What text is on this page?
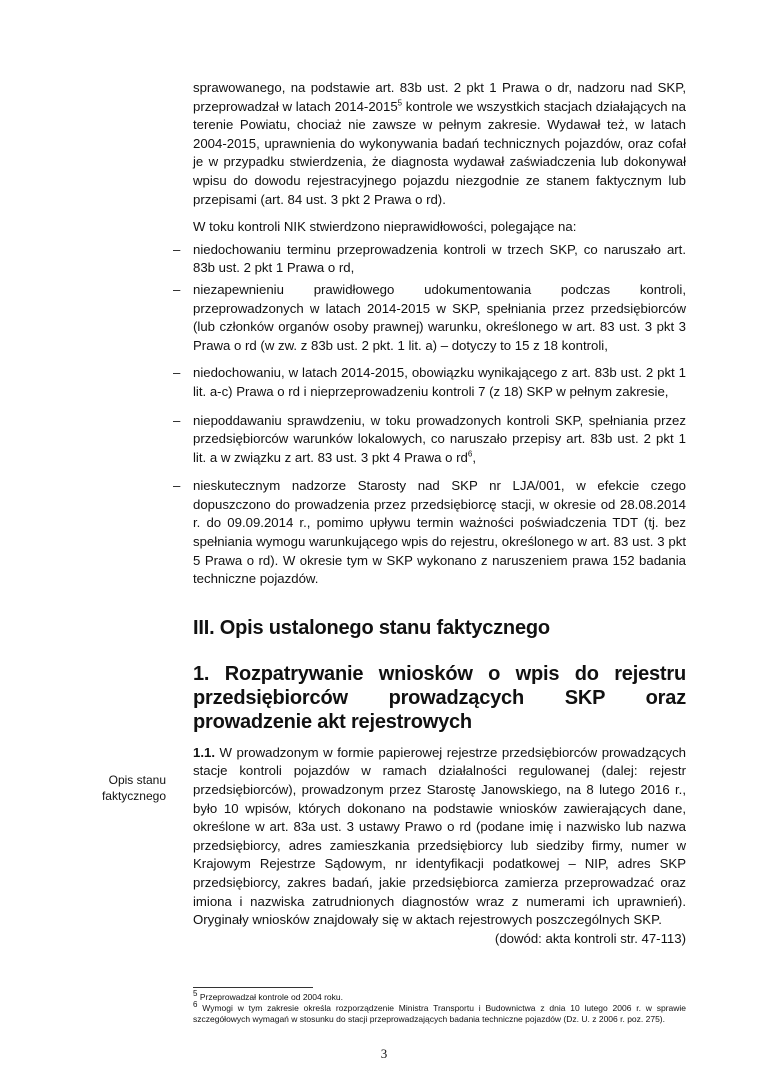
sprawowanego, na podstawie art. 83b ust. 2 pkt 1 Prawa o dr, nadzoru nad SKP, przeprowadzał w latach 2014-2015$^5$ kontrole we wszystkich stacjach działających na terenie Powiatu, chociaż nie zawsze w pełnym zakresie. Wydawał też, w latach 2004-2015, uprawnienia do wykonywania badań technicznych pojazdów, oraz cofał je w przypadku stwierdzenia, że diagnosta wydawał zaświadczenia lub dokonywał wpisu do dowodu rejestracyjnego pojazdu niezgodnie ze stanem faktycznym lub przepisami (art. 84 ust. 3 pkt 2 Prawa o rd).

W toku kontroli NIK stwierdzono nieprawidłowości, polegające na:

– niedochowaniu terminu przeprowadzenia kontroli w trzech SKP, co naruszało art. 83b ust. 2 pkt 1 Prawa o rd,
– niezapewnieniu prawidłowego udokumentowania podczas kontroli, przeprowadzonych w latach 2014-2015 w SKP, spełniania przez przedsiębiorców (lub członków organów osoby prawnej) warunku, określonego w art. 83 ust. 3 pkt 3 Prawa o rd (w zw. z 83b ust. 2 pkt. 1 lit. a) – dotyczy to 15 z 18 kontroli,
– niedochowaniu, w latach 2014-2015, obowiązku wynikającego z art. 83b ust. 2 pkt 1 lit. a-c) Prawa o rd i nieprzeprowadzeniu kontroli 7 (z 18) SKP w pełnym zakresie,
– niepoddawaniu sprawdzeniu, w toku prowadzonych kontroli SKP, spełniania przez przedsiębiorców warunków lokalowych, co naruszało przepisy art. 83b ust. 2 pkt 1 lit. a w związku z art. 83 ust. 3 pkt 4 Prawa o $rd^6$,
– nieskutecznym nadzorze Starosty nad SKP nr LJA/001, w efekcie czego dopuszczono do prowadzenia przez przedsiębiorcę stacji, w okresie od 28.08.2014 r. do 09.09.2014 r., pomimo upływu termin ważności poświadczenia TDT (tj. bez spełniania wymogu warunkującego wpis do rejestru, określonego w art. 83 ust. 3 pkt 5 Prawa o rd). W okresie tym w SKP wykonano z naruszeniem prawa 152 badania techniczne pojazdów.
III. Opis ustalonego stanu faktycznego
1. Rozpatrywanie wniosków o wpis do rejestru przedsiębiorców prowadzących SKP oraz prowadzenie akt rejestrowych

1.1. W prowadzonym w formie papierowej rejestrze przedsiębiorców prowadzących stacje kontroli pojazdów w ramach działalności regulowanej (dalej: rejestr przedsiębiorców), prowadzonym przez Starostę Janowskiego, na 8 lutego 2016 r., było 10 wpisów, których dokonano na podstawie wniosków zawierających dane, określone w art. 83a ust. 3 ustawy Prawo o rd (podane imię i nazwisko lub nazwa przedsiębiorcy, adres zamieszkania przedsiębiorcy lub siedziby firmy, numer w Krajowym Rejestrze Sądowym, nr identyfikacji podatkowej – NIP, adres SKP przedsiębiorcy, zakres badań, jakie przedsiębiorca zamierza przeprowadzać oraz imiona i nazwiska zatrudnionych diagnostów wraz z numerami ich uprawnień). Oryginały wniosków znajdowały się w aktach rejestrowych poszczególnych SKP.

(dowód: akta kontroli str. 47-113)

Opis stanu faktycznego

$^5$ Przeprowadzał kontrole od 2004 roku.

$^6$ Wymogi w tym zakresie określa rozporządzenie Ministra Transportu i Budownictwa z dnia 10 lutego 2006 r. w sprawie szczegółowych wymagań w stosunku do stacji przeprowadzających badania techniczne pojazdów (Dz. U. z 2006 r. poz. 275).

3
